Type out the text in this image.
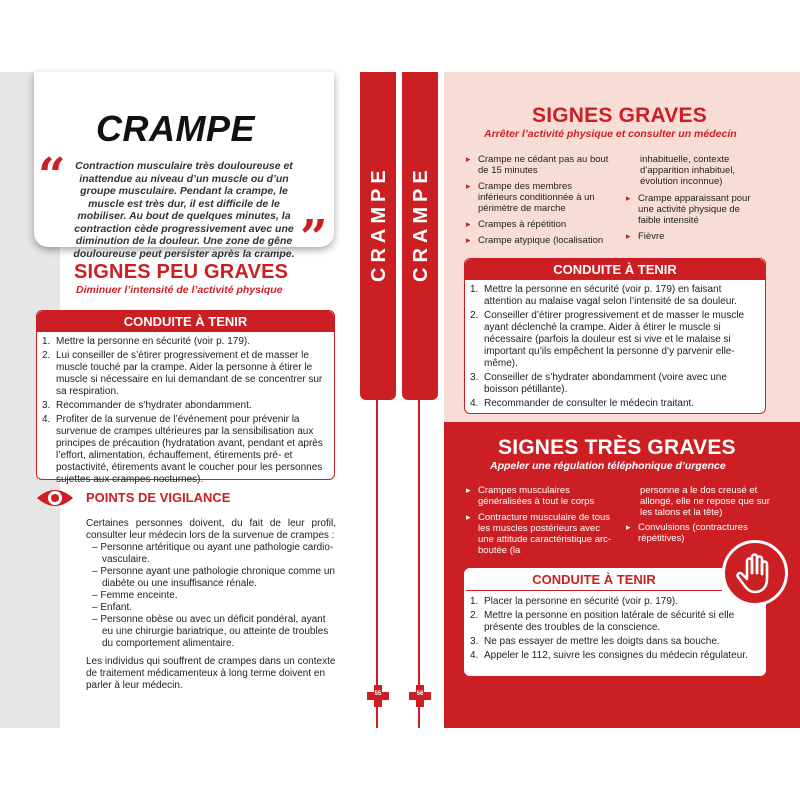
CRAMPE CRAMPE
55	56
CRAMPE
“
”
Contraction musculaire très douloureuse et inattendue au niveau d’un muscle ou d’un groupe musculaire. Pendant la crampe, le muscle est très dur, il est difficile de le mobiliser. Au bout de quelques minutes, la contraction cède progressivement avec une diminution de la douleur. Une zone de gêne douloureuse peut persister après la crampe.
SIGNES PEU GRAVES
Diminuer l’intensité de l’activité physique
CONDUITE À TENIR
1. Mettre la personne en sécurité (voir p. 179).
2. Lui conseiller de s’étirer progressivement et de masser le muscle touché par la crampe. Aider la personne à étirer le muscle si nécessaire en lui demandant de se concentrer sur sa respiration.
3. Recommander de s’hydrater abondamment.
4. Profiter de la survenue de l’événement pour prévenir la survenue de crampes ultérieures par la sensibilisation aux principes de précaution (hydratation avant, pendant et après l’effort, alimentation, échauffement, étirements pré- et postactivité, étirements avant le coucher pour les personnes sujettes aux crampes nocturnes).
POINTS DE VIGILANCE
Certaines personnes doivent, du fait de leur profil, consulter leur médecin lors de la survenue de crampes :
– Personne artéritique ou ayant une pathologie cardio-vasculaire.
– Personne ayant une pathologie chronique comme un diabète ou une insuffisance rénale.
– Femme enceinte.
– Enfant.
– Personne obèse ou avec un déficit pondéral, ayant eu une chirurgie bariatrique, ou atteinte de troubles du comportement alimentaire.
Les individus qui souffrent de crampes dans un contexte de traitement médicamenteux à long terme doivent en parler à leur médecin.
SIGNES GRAVES
Arrêter l’activité physique et consulter un médecin
▸ Crampe ne cédant pas au bout de 15 minutes
▸ Crampe des membres inférieurs conditionnée à un périmètre de marche
▸ Crampes à répétition
▸ Crampe atypique (localisation
inhabituelle, contexte d’apparition inhabituel, évolution inconnue)
▸ Crampe apparaissant pour une activité physique de faible intensité
▸ Fièvre
CONDUITE À TENIR
1. Mettre la personne en sécurité (voir p. 179) en faisant attention au malaise vagal selon l’intensité de sa douleur.
2. Conseiller d’étirer progressivement et de masser le muscle ayant déclenché la crampe. Aider à étirer le muscle si nécessaire (parfois la douleur est si vive et le malaise si important qu’ils empêchent la personne d’y parvenir elle-même).
3. Conseiller de s’hydrater abondamment (voire avec une boisson pétillante).
4. Recommander de consulter le médecin traitant.
SIGNES TRÈS GRAVES
Appeler une régulation téléphonique d’urgence
▸ Crampes musculaires généralisées à tout le corps
▸ Contracture musculaire de tous les muscles postérieurs avec une attitude caractéristique arc-boutée (la
personne a le dos creusé et allongé, elle ne repose que sur les talons et la tête)
▸ Convulsions (contractures répétitives)
CONDUITE À TENIR
1. Placer la personne en sécurité (voir p. 179).
2. Mettre la personne en position latérale de sécurité si elle présente des troubles de la conscience.
3. Ne pas essayer de mettre les doigts dans sa bouche.
4. Appeler le 112, suivre les consignes du médecin régulateur.
